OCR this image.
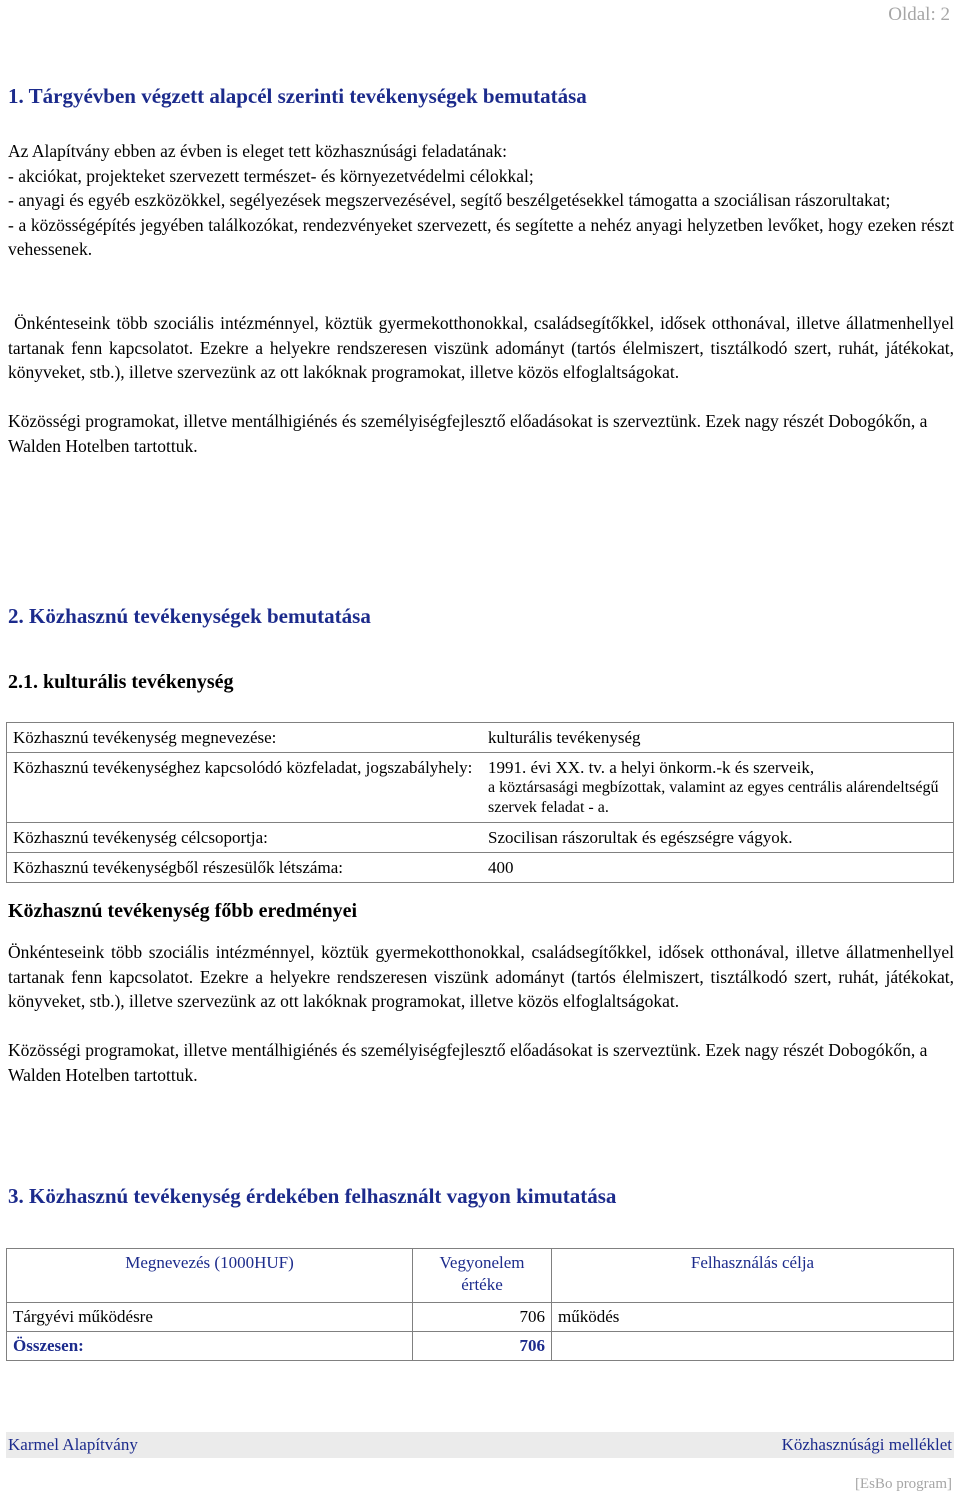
Oldal: 2
1. Tárgyévben végzett alapcél szerinti tevékenységek bemutatása
Az Alapítvány ebben az évben is eleget tett közhasznúsági feladatának:
- akciókat, projekteket szervezett természet- és környezetvédelmi célokkal;
- anyagi és egyéb eszközökkel, segélyezések megszervezésével, segítő beszélgetésekkel támogatta a szociálisan rászorultakat;
- a közösségépítés jegyében találkozókat, rendezvényeket szervezett, és segítette a nehéz anyagi helyzetben levőket, hogy ezeken részt vehessenek.
Önkénteseink több szociális intézménnyel, köztük gyermekotthonokkal, családsegítőkkel, idősek otthonával, illetve állatmenhellyel tartanak fenn kapcsolatot. Ezekre a helyekre rendszeresen viszünk adományt (tartós élelmiszert, tisztálkodó szert, ruhát, játékokat, könyveket, stb.), illetve szervezünk az ott lakóknak programokat, illetve közös elfoglaltságokat.
Közösségi programokat, illetve mentálhigiénés és személyiségfejlesztő előadásokat is szerveztünk. Ezek nagy részét Dobogókőn, a Walden Hotelben tartottuk.
2. Közhasznú tevékenységek bemutatása
2.1. kulturális tevékenység
Közhasznú tevékenység megnevezése:	kulturális tevékenység
Közhasznú tevékenységhez kapcsolódó közfeladat, jogszabályhely:	1991. évi XX. tv. a helyi önkorm.-k és szerveik,
a köztársasági megbízottak, valamint az egyes centrális alárendeltségű szervek feladat - a.

Közhasznú tevékenység célcsoportja:	Szocilisan rászorultak és egészségre vágyok.
Közhasznú tevékenységből részesülők létszáma:	400
Közhasznú tevékenység főbb eredményei
Önkénteseink több szociális intézménnyel, köztük gyermekotthonokkal, családsegítőkkel, idősek otthonával, illetve állatmenhellyel tartanak fenn kapcsolatot. Ezekre a helyekre rendszeresen viszünk adományt (tartós élelmiszert, tisztálkodó szert, ruhát, játékokat, könyveket, stb.), illetve szervezünk az ott lakóknak programokat, illetve közös elfoglaltságokat.
Közösségi programokat, illetve mentálhigiénés és személyiségfejlesztő előadásokat is szerveztünk. Ezek nagy részét Dobogókőn, a Walden Hotelben tartottuk.
3. Közhasznú tevékenység érdekében felhasznált vagyon kimutatása
Megnevezés (1000HUF)	Vegyonelem értéke	Felhasználás célja
Tárgyévi működésre	706	működés
Összesen:	706	
Karmel Alapítvány	Közhasznúsági melléklet
[EsBo program]
